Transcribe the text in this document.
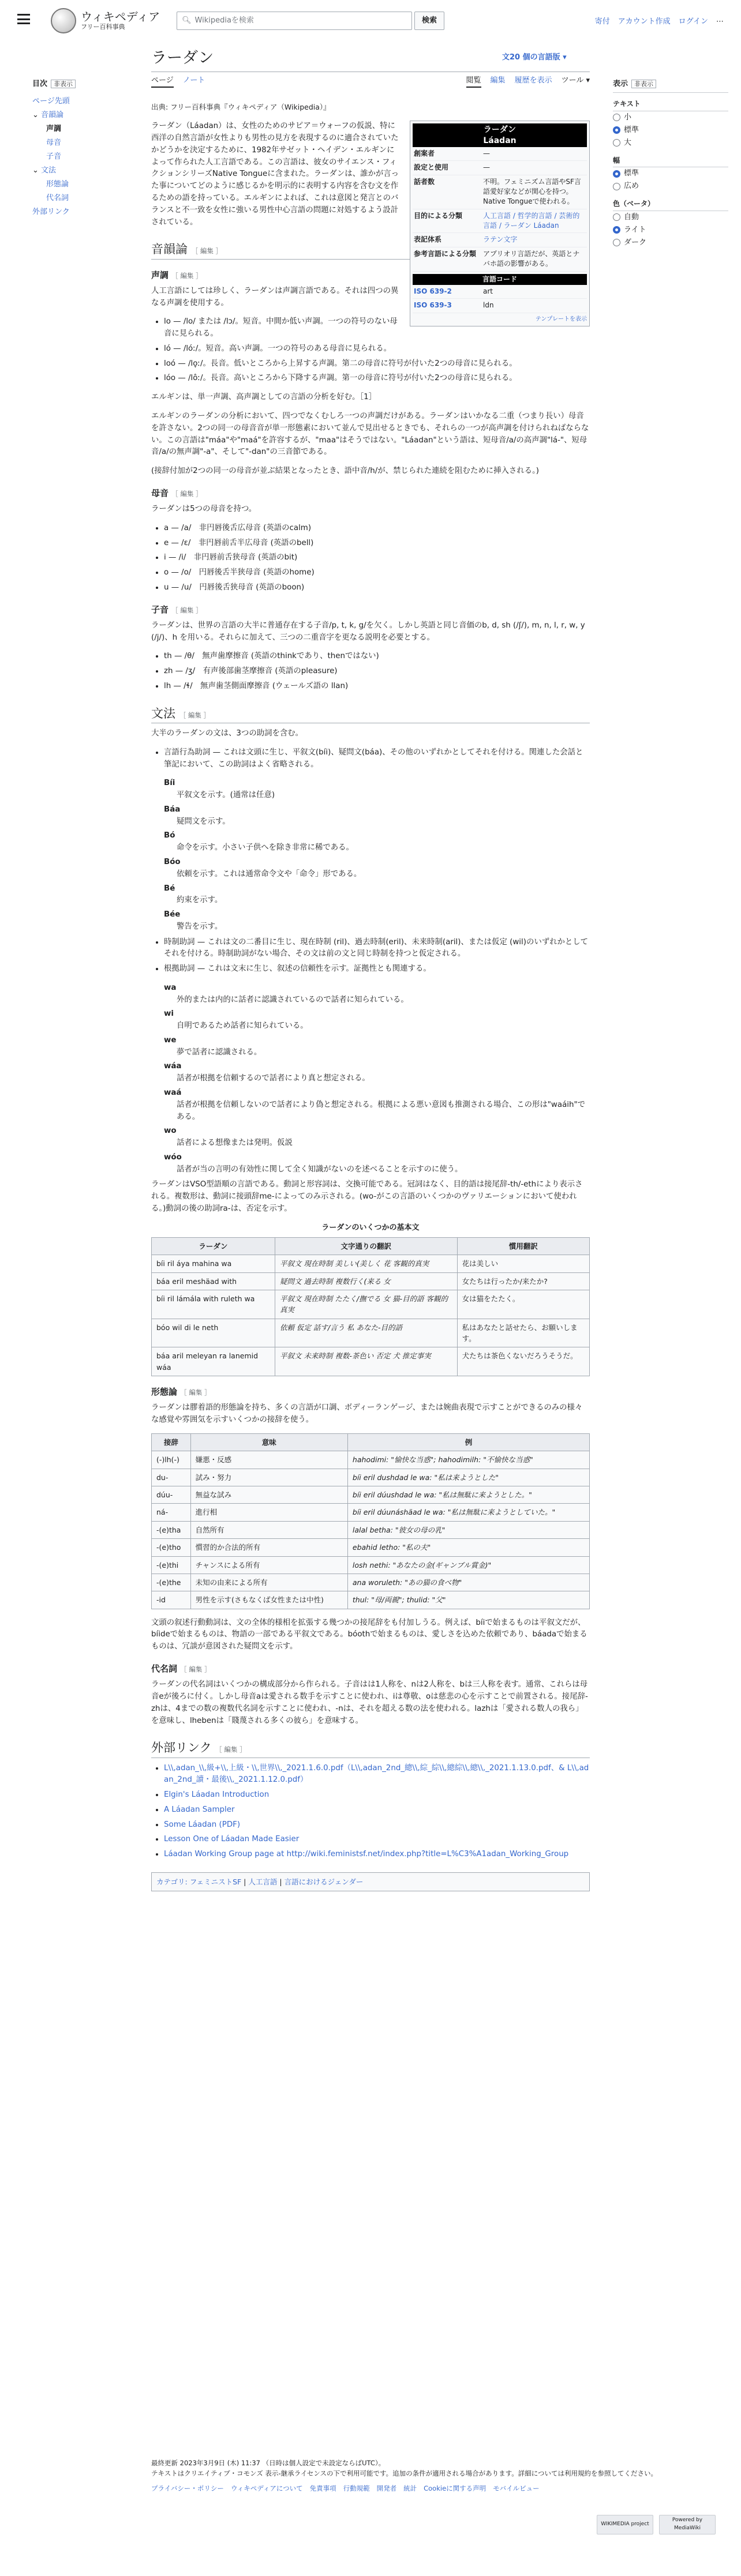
ウィキペディア
フリー百科事典
🔍︎ Wikipediaを検索	検索	寄付 アカウント作成 ログイン ⋯
ラーダン	文20 個の言語版 ▾
ページ ノート	閲覧 編集 履歴を表示 ツール ▾
目次 非表示
ページ先頭
⌄ 音韻論
声調
母音
子音
⌄ 文法
形態論
代名詞
外部リンク
表示 非表示
テキスト
小
標準
大
幅
標準
広め
色（ベータ）
自動
ライト
ダーク
出典: フリー百科事典『ウィキペディア（Wikipedia）』
ラーダン
Láadan
創案者	—
設定と使用	—
話者数	不明。フェミニズム言語やSF言語愛好家などが関心を持つ。Native Tongueで使われる。
目的による分類	人工言語 / 哲学的言語 / 芸術的言語 / ラーダン Láadan
表記体系	ラテン文字
参考言語による分類 アプリオリ言語だが、英語とナバホ語の影響がある。
言語コード
ISO 639-2	art
ISO 639-3	ldn
テンプレートを表示

ラーダン（Láadan）は、女性のためのサピア＝ウォーフの仮説、特に西洋の自然言語が女性よりも男性の見方を表現するのに適合されていたかどうかを決定するために、1982年サゼット・ヘイデン・エルギンによって作られた人工言語である。この言語は、彼女のサイエンス・フィクションシリーズNative Tongueに含まれた。ラーダンは、誰かが言った事についてどのように感じるかを明示的に表明する内容を含む文を作るための語を持っている。エルギンによれば、これは意図と発言とのバランスと不一致を女性に強いる男性中心言語の問題に対処するよう設計されている。

音韻論 ［ 編集 ］
声調 ［ 編集 ］

人工言語にしては珍しく、ラーダンは声調言語である。それは四つの異なる声調を使用する。

• lo — /lo/ または /lɔ/。短音。中間か低い声調。一つの符号のない母音に見られる。
• ló — /lóː/。短音。高い声調。一つの符号のある母音に見られる。
• loó — /lo̞ː/。長音。低いところから上昇する声調。第二の母音に符号が付いた2つの母音に見られる。
• lóo — /lôː/。長音。高いところから下降する声調。第一の母音に符号が付いた2つの母音に見られる。

エルギンは、単一声調、高声調としての言語の分析を好む。［1］

エルギンのラーダンの分析において、四つでなくむしろ一つの声調だけがある。ラーダンはいかなる二重（つまり長い）母音を許さない。2つの同一の母音音が単一形態素において並んで見出せるときでも、それらの一つが高声調を付けられねばならない。この言語は"máa"や"maá"を許容するが、"maa"はそうではない。"Láadan"という語は、短母音/a/の高声調"lá-"、短母音/a/の無声調"-a"、そして"-dan"の三音節である。

(接辞付加が2つの同一の母音が並ぶ結果となったとき、語中音/h/が、禁じられた連続を阻むために挿入される。)

母音 ［ 編集 ］

ラーダンは5つの母音を持つ。

• a — /a/　非円唇後舌広母音 (英語のcalm)
• e — /ɛ/　非円唇前舌半広母音 (英語のbell)
• i — /i/　非円唇前舌狭母音 (英語のbit)
• o — /o/　円唇後舌半狭母音 (英語のhome)
• u — /u/　円唇後舌狭母音 (英語のboon)
子音 ［ 編集 ］

ラーダンは、世界の言語の大半に普通存在する子音/p, t, k, g/を欠く。しかし英語と同じ音価のb, d, sh (/ʃ/), m, n, l, r, w, y (/j/)、h を用いる。それらに加えて、三つの二重音字を更なる説明を必要とする。

• th — /θ/　無声歯摩擦音 (英語のthinkであり、thenではない)
• zh — /ʒ/　有声後部歯茎摩擦音 (英語のpleasure)
• lh — /ɬ/　無声歯茎側面摩擦音 (ウェールズ語の llan)
文法 ［ 編集 ］

大半のラーダンの文は、3つの助詞を含む。

• 言語行為助詞 — これは文頭に生じ、平叙文(bíi)、疑問文(báa)、その他のいずれかとしてそれを付ける。関連した会話と筆記において、この助詞はよく省略される。
Bíi
平叙文を示す。(通常は任意)
Báa
疑問文を示す。
Bó
命令を示す。小さい子供へを除き非常に稀である。
Bóo
依頼を示す。これは通常命令文や「命令」形である。
Bé
約束を示す。
Bée
警告を示す。
• 時制助詞 — これは文の二番目に生じ、現在時制 (ril)、過去時制(eril)、未来時制(aril)、または仮定 (wil)のいずれかとしてそれを付ける。時制助詞がない場合、その文は前の文と同じ時制を持つと仮定される。
• 根拠助詞 — これは文末に生じ、叙述の信頼性を示す。証拠性とも関連する。
wa
外的または内的に話者に認識されているので話者に知られている。
wi
自明であるため話者に知られている。
we
夢で話者に認識される。
wáa
話者が根拠を信頼するので話者により真と想定される。
waá
話者が根拠を信頼しないので話者により偽と想定される。根拠による悪い意図も推測される場合、この形は"waáih"である。
wo
話者による想像または発明。仮説
wóo
話者が当の言明の有効性に関して全く知識がないのを述べることを示すのに使う。

ラーダンはVSO型語順の言語である。動詞と形容詞は、交換可能である。冠詞はなく、目的語は接尾辞-th/-ethにより表示される。複数形は、動詞に接頭辞me-によってのみ示される。(wo-がこの言語のいくつかのヴァリエーションにおいて使われる。)動詞の後の助詞ra-は、否定を示す。

ラーダンのいくつかの基本文
ラーダン	文字通りの翻訳	慣用翻訳
bíi ril áya mahina wa	平叙文 現在時制 美しい(美しく 花 客観的真実	花は美しい
báa eril meshäad with	疑問文 過去時制 複数行く(来る 女	女たちは行ったか/来たか?
bíi ril lámála with ruleth wa	平叙文 現在時制 たたく/撫でる 女 猫-目的語 客観的真実	女は猫をたたく。
bóo wil di le neth	依頼 仮定 話す/言う 私 あなた-目的語	私はあなたと話せたら、お願いします。
báa aril meleyan ra lanemid wáa	平叙文 未来時制 複数-茶色い 否定 犬 推定事実	犬たちは茶色くないだろうそうだ。
形態論 ［ 編集 ］

ラーダンは膠着語的形態論を持ち、多くの言語が口調、ボディーランゲージ、または婉曲表現で示すことができるのみの様々な感覚や雰囲気を示すいくつかの接辞を使う。

接辞	意味	例
(-)lh(-)	嫌悪・反感	hahodimi: "愉快な当惑"; hahodimilh: "不愉快な当惑"
du-	試み・努力	bíi eril dushdad le wa: "私は来ようとした"
dúu-	無益な試み	bíi eril dúushdad le wa: "私は無駄に来ようとした。"
ná-	進行相	bíi eril dúunáshäad le wa: "私は無駄に来ようとしていた。"
-(e)tha	自然所有	lalal betha: "彼女の母の乳"
-(e)tho	慣習的か合法的所有	ebahid letho: "私の夫"
-(e)thi	チャンスによる所有	losh nethi: "あなたの金(ギャンブル賞金)"
-(e)the	未知の由来による所有	ana woruleth: "あの猫の食べ物"
-id	男性を示す(さもなくば女性または中性)	thul: "母/両親"; thulid: "父"

文頭の叙述行動動詞は、文の全体的様相を拡張する幾つかの接尾辞をも付加しうる。例えば、bíiで始まるものは平叙文だが、bíideで始まるものは、物語の一部である平叙文である。bóothで始まるものは、愛しさを込めた依頼であり、báadaで始まるものは、冗談が意図された疑問文を示す。

代名詞 ［ 編集 ］

ラーダンの代名詞はいくつかの構成部分から作られる。子音はは1人称を、nは2人称を、bは三人称を表す。通常、これらは母音eが後ろに付く。しかし母音aは愛される数手を示すことに使われ、iは尊敬、oは慈悲の心を示すことで前置される。接尾辞-zhは、4までの数の複数代名詞を示すことに使われ、-nは、それを超える数の法を使われる。lazhは「愛される数人の我ら」を意味し、lhebenは「賤蔑される多くの彼ら」を意味する。

外部リンク ［ 編集 ］
• L\\,adan_\\,級+\\,上級・\\,世界\\,_2021.1.6.0.pdf（L\\,adan_2nd_總\\,綜_綜\\,總綜\\,總\\,_2021.1.13.0.pdf、& L\\,adan_2nd_讀・最後\\,_2021.1.12.0.pdf）
• Elgin's Láadan Introduction
• A Láadan Sampler
• Some Láadan (PDF)
• Lesson One of Láadan Made Easier
• Láadan Working Group page at http://wiki.feministsf.net/index.php?title=L%C3%A1adan_Working_Group
カテゴリ: フェミニストSF | 人工言語 | 言語におけるジェンダー
最終更新 2023年3月9日 (木) 11:37 （日時は個人設定で未設定ならばUTC）。
テキストはクリエイティブ・コモンズ 表示-継承ライセンスの下で利用可能です。追加の条件が適用される場合があります。詳細については利用規約を参照してください。
プライバシー・ポリシー ウィキペディアについて 免責事項 行動規範 開発者 統計 Cookieに関する声明 モバイルビュー
WIKIMEDIA project
Powered by MediaWiki
